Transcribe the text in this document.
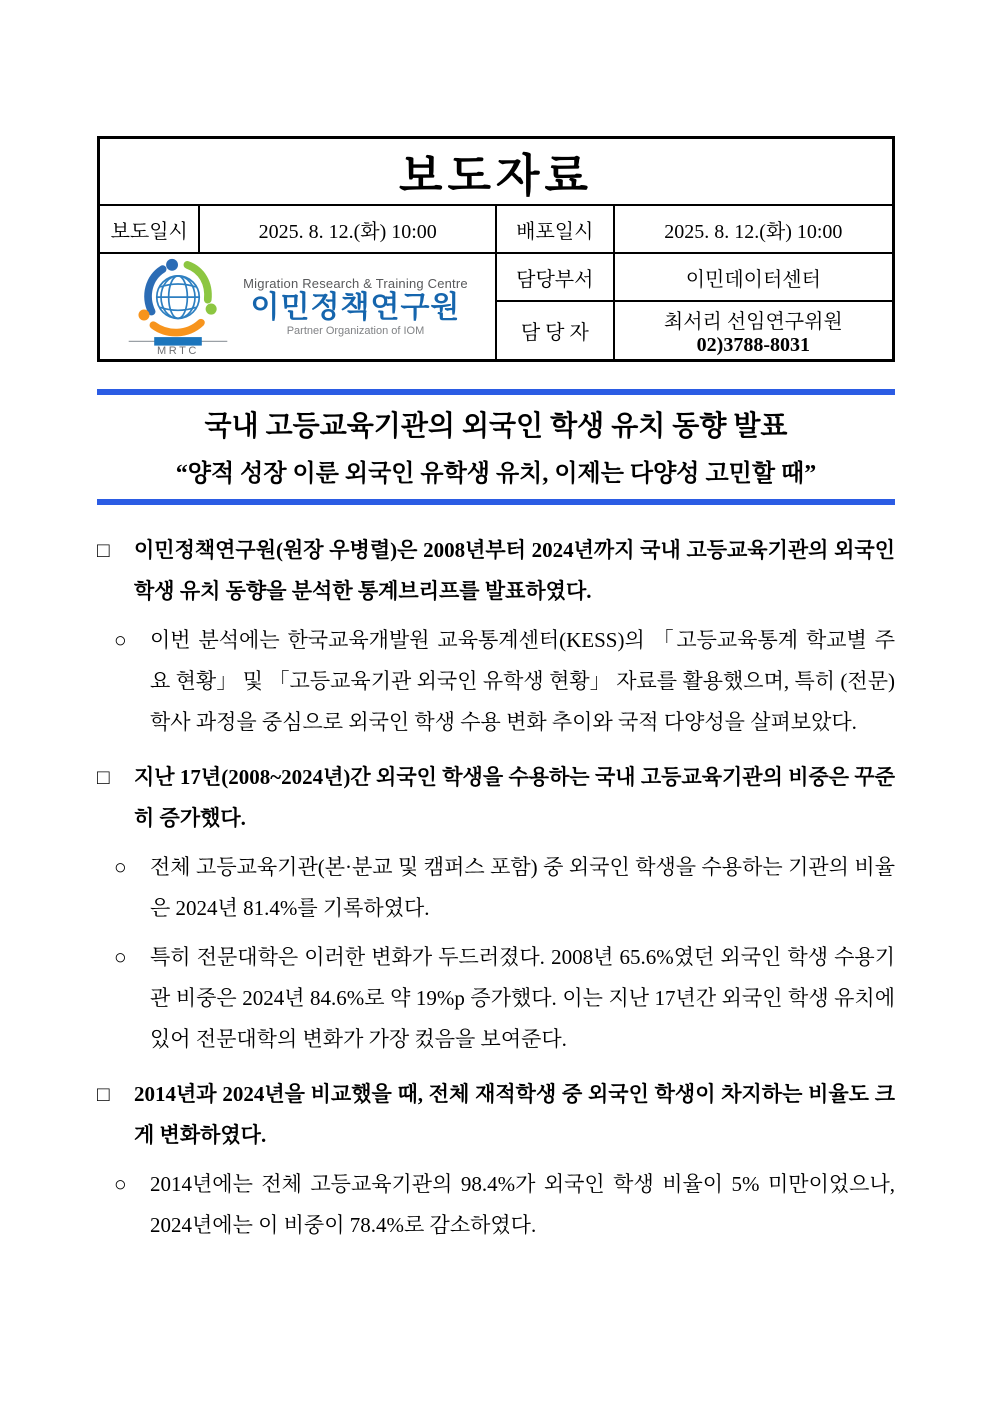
보도자료			
보도일시	2025. 8. 12.(화) 10:00	배포일시	2025. 8. 12.(화) 10:00

MRTC
Migration Research & Training Centre
이민정책연구원
Partner Organization of IOM		담당부서	이민데이터센터
		담 당 자	최서리 선임연구위원
02)3788-8031
국내 고등교육기관의 외국인 학생 유치 동향 발표
“양적 성장 이룬 외국인 유학생 유치, 이제는 다양성 고민할 때”
□ 이민정책연구원(원장 우병렬)은 2008년부터 2024년까지 국내 고등교육기관의 외국인 학생 유치 동향을 분석한 통계브리프를 발표하였다.
○ 이번 분석에는 한국교육개발원 교육통계센터(KESS)의 「고등교육통계 학교별 주요 현황」 및 「고등교육기관 외국인 유학생 현황」 자료를 활용했으며, 특히 (전문)학사 과정을 중심으로 외국인 학생 수용 변화 추이와 국적 다양성을 살펴보았다.
□ 지난 17년(2008~2024년)간 외국인 학생을 수용하는 국내 고등교육기관의 비중은 꾸준히 증가했다.
○ 전체 고등교육기관(본·분교 및 캠퍼스 포함) 중 외국인 학생을 수용하는 기관의 비율은 2024년 81.4%를 기록하였다.
○ 특히 전문대학은 이러한 변화가 두드러졌다. 2008년 65.6%였던 외국인 학생 수용기관 비중은 2024년 84.6%로 약 19%p 증가했다. 이는 지난 17년간 외국인 학생 유치에 있어 전문대학의 변화가 가장 컸음을 보여준다.
□ 2014년과 2024년을 비교했을 때, 전체 재적학생 중 외국인 학생이 차지하는 비율도 크게 변화하였다.
○ 2014년에는 전체 고등교육기관의 98.4%가 외국인 학생 비율이 5% 미만이었으나, 2024년에는 이 비중이 78.4%로 감소하였다.
